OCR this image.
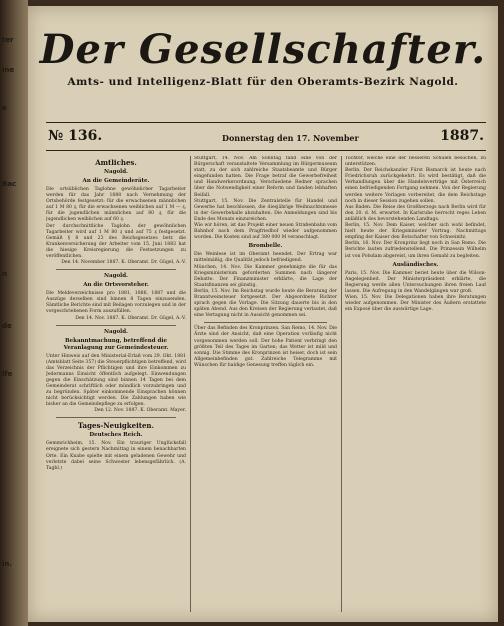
ter
ine
e
Bac
n
de
ife
in.
Der Gesellschafter.
Amts- und Intelligenz-Blatt für den Oberamts-Bezirk Nagold.
№ 136.	Donnerstag den 17. November	1887.
Amtliches.
Nagold.
An die Gemeinderäte.
Die ortsüblichen Taglohne gewöhnlicher Tagarbeiter werden für das Jahr 1888 nach Vernehmung der Ortsbehörde festgesetzt: für die erwachsenen männlichen auf 1 M 80 ₰, für die erwachsenen weiblichen auf 1 M — ₰, für die jugendlichen männlichen auf 80 ₰, für die jugendlichen weiblichen auf 60 ₰.
Der durchschnittliche Taglohn der gewöhnlichen Tagarbeiter wird auf 1 M 80 ₰ und auf 75 ₰ festgesetzt. Gemäß § 8 und 23 des Reichsgesetzes betr. die Krankenversicherung der Arbeiter vom 15. Juni 1883 hat die hiesige Kreisregierung die Festsetzungen zu veröffentlichen.
Den 14. November 1887. K. Oberamt. Dr. Gügel, A.-V.
Nagold.
An die Ortsvorsteher.
Die Meldeverzeichnisse pro 1881, 1886, 1887 und die Auszüge derselben sind binnen 8 Tagen einzusenden. Sämtliche Berichte sind mit Beilagen vorzulegen und in der vorgeschriebenen Form auszufüllen.
Den 14. Nov. 1887. K. Oberamt. Dr. Gügel, A.-V.
Nagold.
Bekanntmachung, betreffend die Veranlagung zur Gemeindesteuer.
Unter Hinweis auf den Ministerial-Erlaß vom 29. Okt. 1881 (Amtsblatt Seite 357) die Steuerpflichtigen betreffend, wird das Verzeichnis der Pflichtigen und ihre Einkommen zu Jedermanns Einsicht öffentlich aufgelegt. Einwendungen gegen die Einschätzung sind binnen 14 Tagen bei dem Gemeinderat schriftlich oder mündlich vorzubringen und zu begründen. Später einkommende Einsprachen können nicht berücksichtigt werden. Die Zahlungen haben wie bisher an die Gemeindepflege zu erfolgen.
Den 12. Nov. 1887. K. Oberamt. Mayer.
Tages-Neuigkeiten.
Deutsches Reich.
Gemmrichheim, 15. Nov. Ein trauriger Unglücksfall ereignete sich gestern Nachmittag in einem benachbarten Orte. Ein Knabe spielte mit einem geladenen Gewehr und verletzte dabei seine Schwester lebensgefährlich. (A. Tagbl.)
Stuttgart, 14. Nov. Am Sonntag fand eine von der Bürgerschaft veranstaltete Versammlung im Bürgermuseum statt, zu der sich zahlreiche Staatsbeamte und Bürger eingefunden hatten. Die Frage betraf die Gewerbefreiheit und Handwerkerordnung. Verschiedene Redner sprachen über die Notwendigkeit einer Reform und fanden lebhaften Beifall.
Stuttgart, 15. Nov. Die Zentralstelle für Handel und Gewerbe hat beschlossen, die diesjährige Weihnachtsmesse in der Gewerbehalle abzuhalten. Die Anmeldungen sind bis Ende des Monats einzureichen.
Wie wir hören, ist das Projekt einer neuen Straßenbahn vom Bahnhof nach dem Pragfriedhof wieder aufgenommen worden. Die Kosten sind auf 380 000 M veranschlagt.
Brombelle.
Die Weinlese ist im Oberamt beendet. Der Ertrag war mittelmäßig, die Qualität jedoch befriedigend.
München, 14. Nov. Die Kammer genehmigte die für das Kriegsministerium geforderten Summen nach längerer Debatte. Der Finanzminister erklärte, die Lage der Staatsfinanzen sei günstig.
Berlin, 15. Nov. Im Reichstag wurde heute die Beratung der Branntweinsteuer fortgesetzt. Der Abgeordnete Richter sprach gegen die Vorlage. Die Sitzung dauerte bis in den späten Abend. Aus den Kreisen der Regierung verlautet, daß eine Vertagung nicht in Aussicht genommen sei.
Über das Befinden des Kronprinzen. San Remo, 14. Nov. Die Ärzte sind der Ansicht, daß eine Operation vorläufig nicht vorgenommen werden soll. Der hohe Patient verbringt den größten Teil des Tages im Garten; das Wetter ist mild und sonnig. Die Stimme des Kronprinzen ist heiser, doch ist sein Allgemeinbefinden gut. Zahlreiche Telegramme mit Wünschen für baldige Genesung treffen täglich ein.
Töchter, welche eine der besseren Schulen besuchen, zu unterstützen.
Berlin. Der Reichskanzler Fürst Bismarck ist heute nach Friedrichsruh zurückgekehrt. Es wird bestätigt, daß die Verhandlungen über die Handelsverträge mit Österreich einen befriedigenden Fortgang nehmen. Von der Regierung werden weitere Vorlagen vorbereitet, die dem Reichstage noch in dieser Session zugehen sollen.
Aus Baden. Die Reise des Großherzogs nach Berlin wird für den 20. d. M. erwartet. In Karlsruhe herrscht reges Leben anläßlich des bevorstehenden Landtags.
Berlin, 15. Nov. Dem Kaiser, welcher sich wohl befindet, hielt heute der Kriegsminister Vortrag. Nachmittags empfing der Kaiser den Botschafter von Schweinitz.
Berlin, 16. Nov. Der Kronprinz liegt noch in San Remo. Die Berichte lauten zufriedenstellend. Die Prinzessin Wilhelm ist von Potsdam abgereist, um ihren Gemahl zu begleiten.
Ausländisches.
Paris, 15. Nov. Die Kammer beriet heute über die Wilson-Angelegenheit. Der Ministerpräsident erklärte, die Regierung werde allen Untersuchungen ihren freien Lauf lassen. Die Aufregung in den Wandelgängen war groß.
Wien, 15. Nov. Die Delegationen haben ihre Beratungen wieder aufgenommen. Der Minister des Äußern erstattete ein Exposé über die auswärtige Lage.
